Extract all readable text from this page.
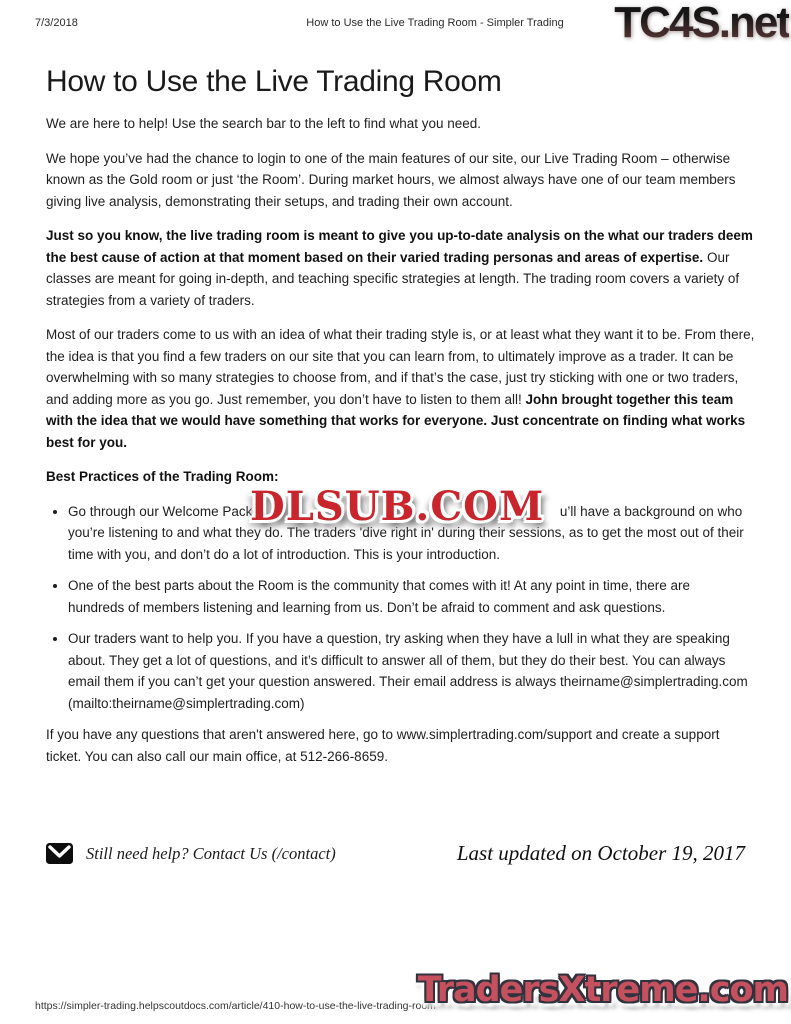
7/3/2018	How to Use the Live Trading Room - Simpler Trading TC4S.net
How to Use the Live Trading Room

We are here to help! Use the search bar to the left to find what you need.

We hope you’ve had the chance to login to one of the main features of our site, our Live Trading Room – otherwise known as the Gold room or just ‘the Room’. During market hours, we almost always have one of our team members giving live analysis, demonstrating their setups, and trading their own account.

Just so you know, the live trading room is meant to give you up-to-date analysis on the what our traders deem the best cause of action at that moment based on their varied trading personas and areas of expertise. Our classes are meant for going in-depth, and teaching specific strategies at length. The trading room covers a variety of strategies from a variety of traders.

Most of our traders come to us with an idea of what their trading style is, or at least what they want it to be. From there, the idea is that you find a few traders on our site that you can learn from, to ultimately improve as a trader. It can be overwhelming with so many strategies to choose from, and if that’s the case, just try sticking with one or two traders, and adding more as you go. Just remember, you don’t have to listen to them all! John brought together this team with the idea that we would have something that works for everyone. Just concentrate on finding what works best for you.

Best Practices of the Trading Room:
• Go through our Welcome Packe	u’ll have a background on who you’re listening to and what they do. The traders 'dive right in' during their sessions, as to get the most out of their time with you, and don’t do a lot of introduction. This is your introduction.
• One of the best parts about the Room is the community that comes with it! At any point in time, there are hundreds of members listening and learning from us. Don’t be afraid to comment and ask questions.
• Our traders want to help you. If you have a question, try asking when they have a lull in what they are speaking about. They get a lot of questions, and it’s difficult to answer all of them, but they do their best. You can always email them if you can’t get your question answered. Their email address is always theirname@simplertrading.com (mailto:theirname@simplertrading.com)

If you have any questions that aren't answered here, go to www.simplertrading.com/support and create a support ticket. You can also call our main office, at 512-266-8659.

DLSUB.COM
Still need help? Contact Us (/contact)	Last updated on October 19, 2017
https://simpler-trading.helpscoutdocs.com/article/410-how-to-use-the-live-trading-room
TradersXtreme.com
